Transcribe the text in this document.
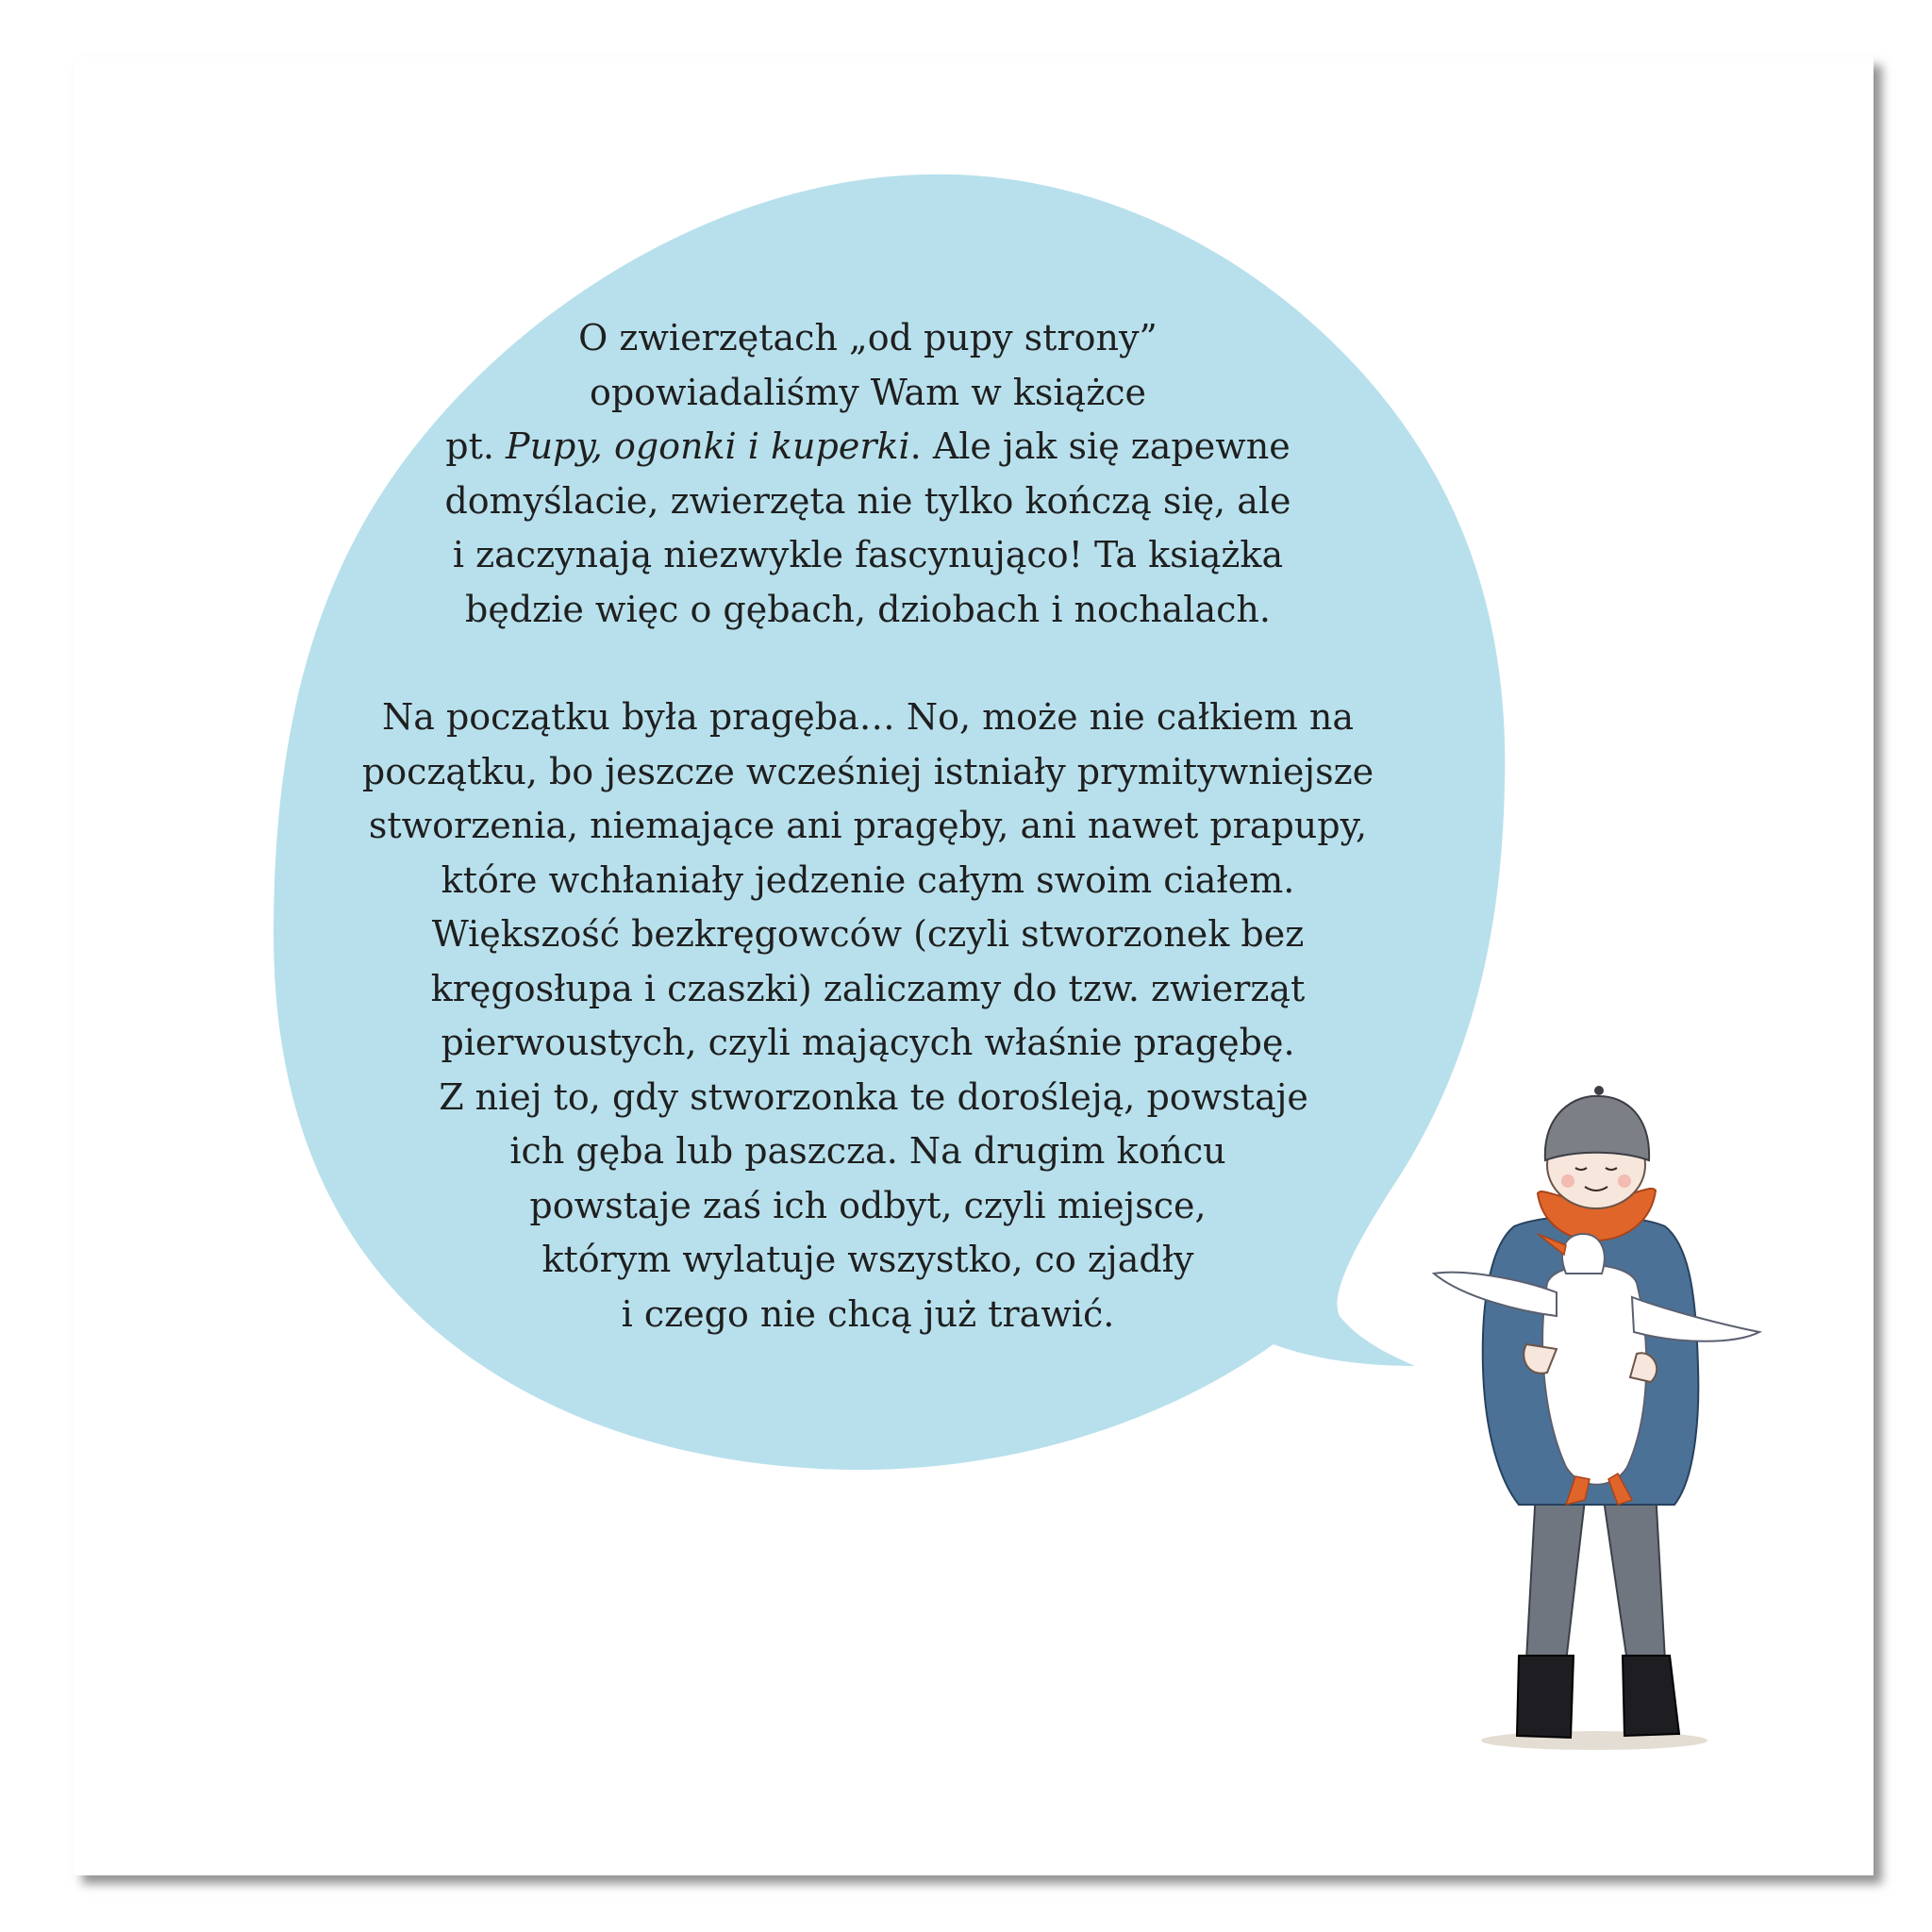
O zwierzętach „od pupy strony”

opowiadaliśmy Wam w książce

pt. Pupy, ogonki i kuperki. Ale jak się zapewne

domyślacie, zwierzęta nie tylko kończą się, ale

i zaczynają niezwykle fascynująco! Ta książka

będzie więc o gębach, dziobach i nochalach.

Na początku była pragęba… No, może nie całkiem na

początku, bo jeszcze wcześniej istniały prymitywniejsze

stworzenia, niemające ani pragęby, ani nawet prapupy,

które wchłaniały jedzenie całym swoim ciałem.

Większość bezkręgowców (czyli stworzonek bez

kręgosłupa i czaszki) zaliczamy do tzw. zwierząt

pierwoustych, czyli mających właśnie pragębę.

Z niej to, gdy stworzonka te dorośleją, powstaje

ich gęba lub paszcza. Na drugim końcu

powstaje zaś ich odbyt, czyli miejsce,

którym wylatuje wszystko, co zjadły

i czego nie chcą już trawić.
